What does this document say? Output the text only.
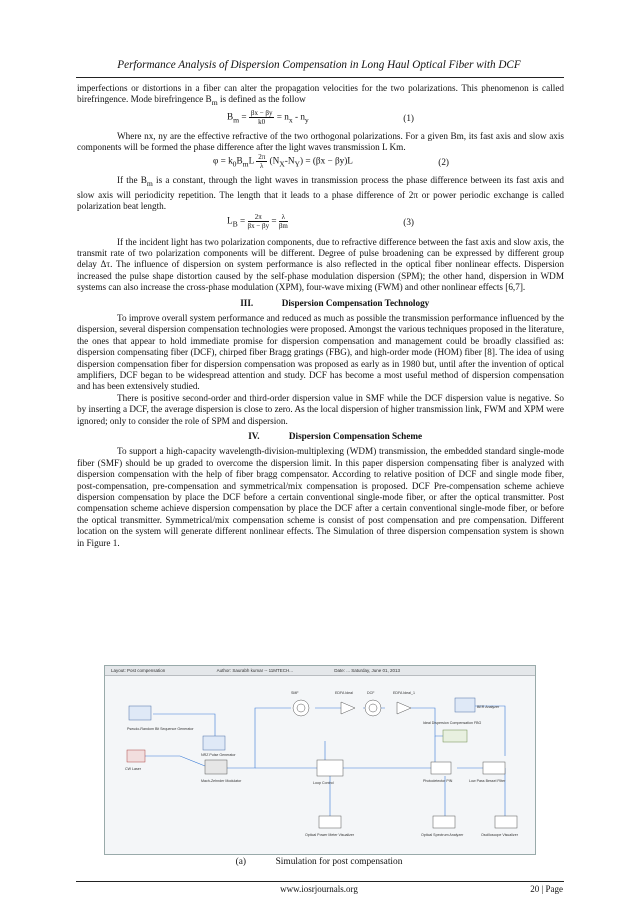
Performance Analysis of Dispersion Compensation in Long Haul Optical Fiber with DCF

imperfections or distortions in a fiber can alter the propagation velocities for the two polarizations. This phenomenon is called birefringence. Mode birefringence $B_m$ is defined as the follow

$B_m = \frac{\beta x - \beta y}{k0} = n_x - n_y$	(1)

Where nx, ny are the effective refractive of the two orthogonal polarizations. For a given Bm, its fast axis and slow axis components will be formed the phase difference after the light waves transmission L Km.

$\varphi = k_0B_mL \frac{2\pi}{\lambda} (N_X-N_Y) = (\beta x - \beta y)L$	(2)

If the $B_m$ is a constant, through the light waves in transmission process the phase difference between its fast axis and slow axis will periodicity repetition. The length that it leads to a phase difference of 2π or power periodic exchange is called polarization beat length.

$L_B = \frac{2\pi}{\beta x - \beta y} = \frac{\lambda}{\beta m}$	(3)

If the incident light has two polarization components, due to refractive difference between the fast axis and slow axis, the transmit rate of two polarization components will be different. Degree of pulse broadening can be expressed by different group delay Δτ. The influence of dispersion on system performance is also reflected in the optical fiber nonlinear effects. Dispersion increased the pulse shape distortion caused by the self-phase modulation dispersion (SPM); the other hand, dispersion in WDM systems can also increase the cross-phase modulation (XPM), four-wave mixing (FWM) and other nonlinear effects [6,7].

III.	Dispersion Compensation Technology

To improve overall system performance and reduced as much as possible the transmission performance influenced by the dispersion, several dispersion compensation technologies were proposed. Amongst the various techniques proposed in the literature, the ones that appear to hold immediate promise for dispersion compensation and management could be broadly classified as: dispersion compensating fiber (DCF), chirped fiber Bragg gratings (FBG), and high-order mode (HOM) fiber [8]. The idea of using dispersion compensation fiber for dispersion compensation was proposed as early as in 1980 but, until after the invention of optical amplifiers, DCF began to be widespread attention and study. DCF has become a most useful method of dispersion compensation and has been extensively studied.

There is positive second-order and third-order dispersion value in SMF while the DCF dispersion value is negative. So by inserting a DCF, the average dispersion is close to zero. As the local dispersion of higher transmission link, FWM and XPM were ignored; only to consider the role of SPM and dispersion.

IV.	Dispersion Compensation Scheme

To support a high-capacity wavelength-division-multiplexing (WDM) transmission, the embedded standard single-mode fiber (SMF) should be up graded to overcome the dispersion limit. In this paper dispersion compensating fiber is analyzed with dispersion compensation with the help of fiber bragg compensator. According to relative position of DCF and single mode fiber, post-compensation, pre-compensation and symmetrical/mix compensation is proposed. DCF Pre-compensation scheme achieve dispersion compensation by place the DCF before a certain conventional single-mode fiber, or after the optical transmitter. Post compensation scheme achieve dispersion compensation by place the DCF after a certain conventional single-mode fiber, or before the optical transmitter. Symmetrical/mix compensation scheme is consist of post compensation and pre compensation. Different location on the system will generate different nonlinear effects. The Simulation of three dispersion compensation system is shown in Figure 1.

Layout: Post compensation	Author: Saurabh kumar -- 11MTECH...	Date: ... Saturday, June 01, 2013
Pseudo-Random Bit Sequence Generator
NRZ Pulse Generator
CW Laser
Mach-Zehnder Modulator
SMF	EDFA Ideal	DCF	EDFA Ideal_1
Loop Control
Ideal Dispersion Compensation FBG
Photodetector PIN	Low Pass Bessel Filter
BER Analyzer
Optical Power Meter Visualizer	Optical Spectrum Analyzer	Oscilloscope Visualizer
(a)	Simulation for post compensation
www.iosrjournals.org	20 | Page
